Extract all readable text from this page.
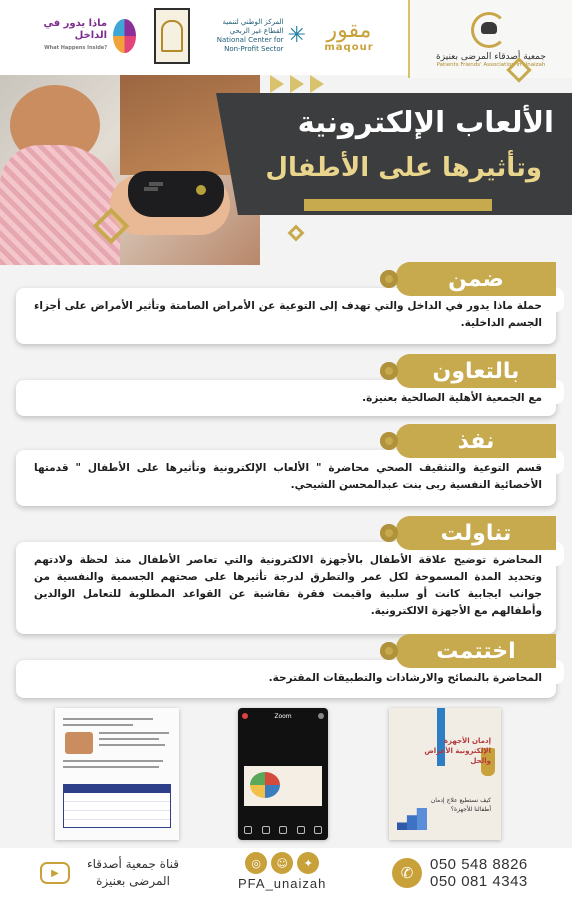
جمعية أصدقاء المرضى بعنيزة
Patients Friends' Association in Unaizah
مقور
maqour
المركز الوطني لتنمية القطاع غير الربحي
National Center for Non-Profit Sector
✳
ماذا يدور في الداخل
What Happens Inside?
الألعاب الإلكترونية
وتأثيرها على الأطفال

حملة ماذا يدور في الداخل والتي تهدف إلى التوعية عن الأمراض الصامتة وتأثير الأمراض على أجزاء الجسم الداخلية.

ضمن

مع الجمعية الأهلية الصالحية بعنيزة.

بالتعاون

قسم التوعية والتثقيف الصحي محاضرة " الألعاب الإلكترونية وتأثيرها على الأطفال " قدمتها الأخصائية النفسية ربى بنت عبدالمحسن الشيحي.

نفذ

المحاضرة توضيح علاقة الأطفال بالأجهزة الالكترونية والتي تعاصر الأطفال منذ لحظة ولادتهم وتحديد المدة المسموحة لكل عمر والتطرق لدرجة تأثيرها على صحتهم الجسمية والنفسية من جوانب ايجابية كانت أو سلبية واقيمت فقرة نقاشية عن القواعد المطلوبة للتعامل الوالدين وأطفالهم مع الأجهزة الالكترونية.

تناولت

المحاضرة بالنصائح والارشادات والتطبيقات المقترحة.

اختتمت
Zoom
إدمان الأجهزة الإلكترونية الأعراض والحل
كيف نستطيع علاج إدمان أطفالنا للأجهزة؟
✆	050 548 8826
050 081 4343
◎	☺	✦
PFA_unaizah
▶
قناة جمعية أصدقاء المرضى بعنيزة
